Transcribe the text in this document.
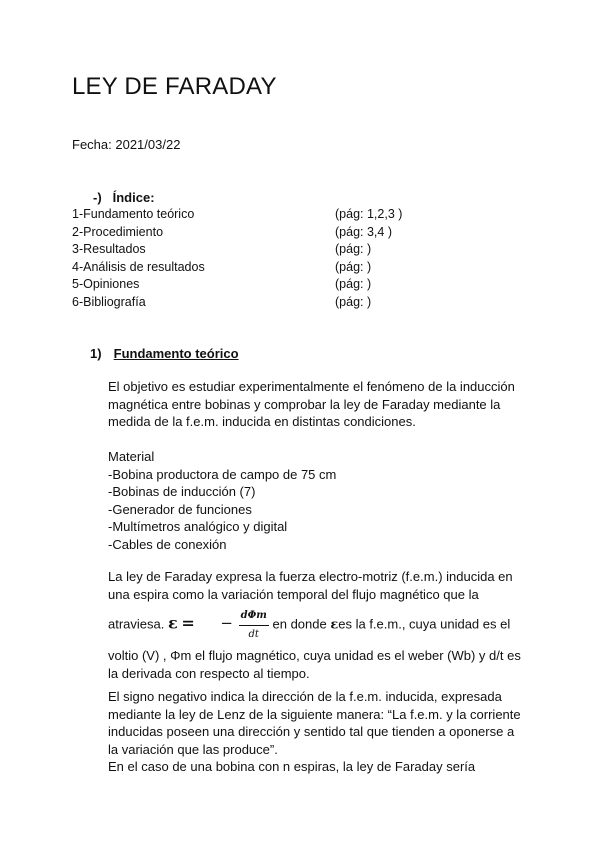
LEY DE FARADAY
Fecha: 2021/03/22
-) Índice:
1-Fundamento teórico	(pág: 1,2,3 )
2-Procedimiento	(pág: 3,4 )
3-Resultados	(pág: )
4-Análisis de resultados	(pág: )
5-Opiniones	(pág: )
6-Bibliografía	(pág: )
1) Fundamento teórico
El objetivo es estudiar experimentalmente el fenómeno de la inducción
magnética entre bobinas y comprobar la ley de Faraday mediante la
medida de la f.e.m. inducida en distintas condiciones.
Material
-Bobina productora de campo de 75 cm
-Bobinas de inducción (7)
-Generador de funciones
-Multímetros analógico y digital
-Cables de conexión
La ley de Faraday expresa la fuerza electro-motriz (f.e.m.) inducida en
una espira como la variación temporal del flujo magnético que la
atraviesa. ε = − $\frac{\text{dΦm}}{dt}$ en donde εes la f.e.m., cuya unidad es el
voltio (V) , Φm el flujo magnético, cuya unidad es el weber (Wb) y d/t es
la derivada con respecto al tiempo.
El signo negativo indica la dirección de la f.e.m. inducida, expresada
mediante la ley de Lenz de la siguiente manera: “La f.e.m. y la corriente
inducidas poseen una dirección y sentido tal que tienden a oponerse a
la variación que las produce”.
En el caso de una bobina con n espiras, la ley de Faraday sería
